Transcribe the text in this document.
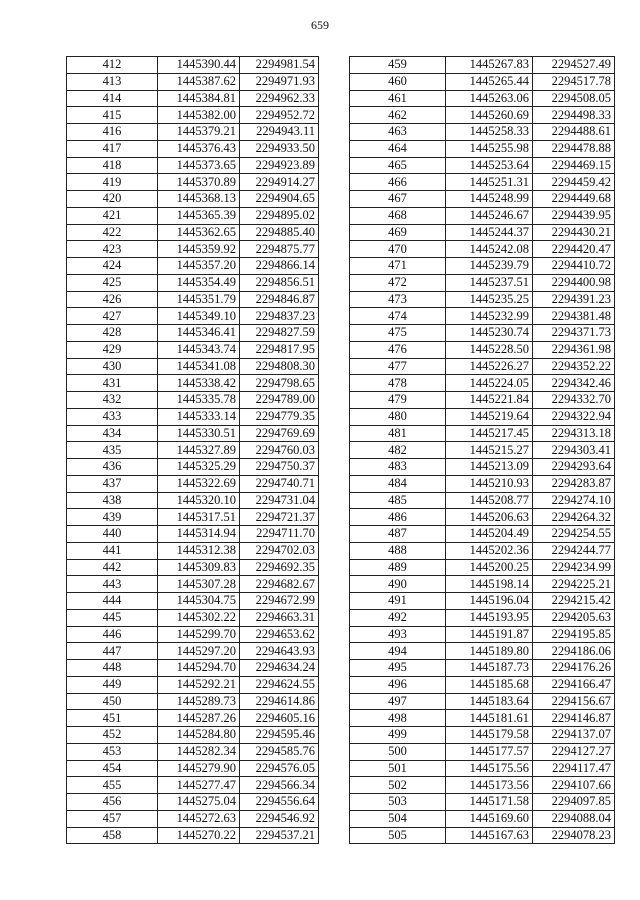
659
412	1445390.44	2294981.54
413	1445387.62	2294971.93
414	1445384.81	2294962.33
415	1445382.00	2294952.72
416	1445379.21	2294943.11
417	1445376.43	2294933.50
418	1445373.65	2294923.89
419	1445370.89	2294914.27
420	1445368.13	2294904.65
421	1445365.39	2294895.02
422	1445362.65	2294885.40
423	1445359.92	2294875.77
424	1445357.20	2294866.14
425	1445354.49	2294856.51
426	1445351.79	2294846.87
427	1445349.10	2294837.23
428	1445346.41	2294827.59
429	1445343.74	2294817.95
430	1445341.08	2294808.30
431	1445338.42	2294798.65
432	1445335.78	2294789.00
433	1445333.14	2294779.35
434	1445330.51	2294769.69
435	1445327.89	2294760.03
436	1445325.29	2294750.37
437	1445322.69	2294740.71
438	1445320.10	2294731.04
439	1445317.51	2294721.37
440	1445314.94	2294711.70
441	1445312.38	2294702.03
442	1445309.83	2294692.35
443	1445307.28	2294682.67
444	1445304.75	2294672.99
445	1445302.22	2294663.31
446	1445299.70	2294653.62
447	1445297.20	2294643.93
448	1445294.70	2294634.24
449	1445292.21	2294624.55
450	1445289.73	2294614.86
451	1445287.26	2294605.16
452	1445284.80	2294595.46
453	1445282.34	2294585.76
454	1445279.90	2294576.05
455	1445277.47	2294566.34
456	1445275.04	2294556.64
457	1445272.63	2294546.92
458	1445270.22	2294537.21
459	1445267.83	2294527.49
460	1445265.44	2294517.78
461	1445263.06	2294508.05
462	1445260.69	2294498.33
463	1445258.33	2294488.61
464	1445255.98	2294478.88
465	1445253.64	2294469.15
466	1445251.31	2294459.42
467	1445248.99	2294449.68
468	1445246.67	2294439.95
469	1445244.37	2294430.21
470	1445242.08	2294420.47
471	1445239.79	2294410.72
472	1445237.51	2294400.98
473	1445235.25	2294391.23
474	1445232.99	2294381.48
475	1445230.74	2294371.73
476	1445228.50	2294361.98
477	1445226.27	2294352.22
478	1445224.05	2294342.46
479	1445221.84	2294332.70
480	1445219.64	2294322.94
481	1445217.45	2294313.18
482	1445215.27	2294303.41
483	1445213.09	2294293.64
484	1445210.93	2294283.87
485	1445208.77	2294274.10
486	1445206.63	2294264.32
487	1445204.49	2294254.55
488	1445202.36	2294244.77
489	1445200.25	2294234.99
490	1445198.14	2294225.21
491	1445196.04	2294215.42
492	1445193.95	2294205.63
493	1445191.87	2294195.85
494	1445189.80	2294186.06
495	1445187.73	2294176.26
496	1445185.68	2294166.47
497	1445183.64	2294156.67
498	1445181.61	2294146.87
499	1445179.58	2294137.07
500	1445177.57	2294127.27
501	1445175.56	2294117.47
502	1445173.56	2294107.66
503	1445171.58	2294097.85
504	1445169.60	2294088.04
505	1445167.63	2294078.23
